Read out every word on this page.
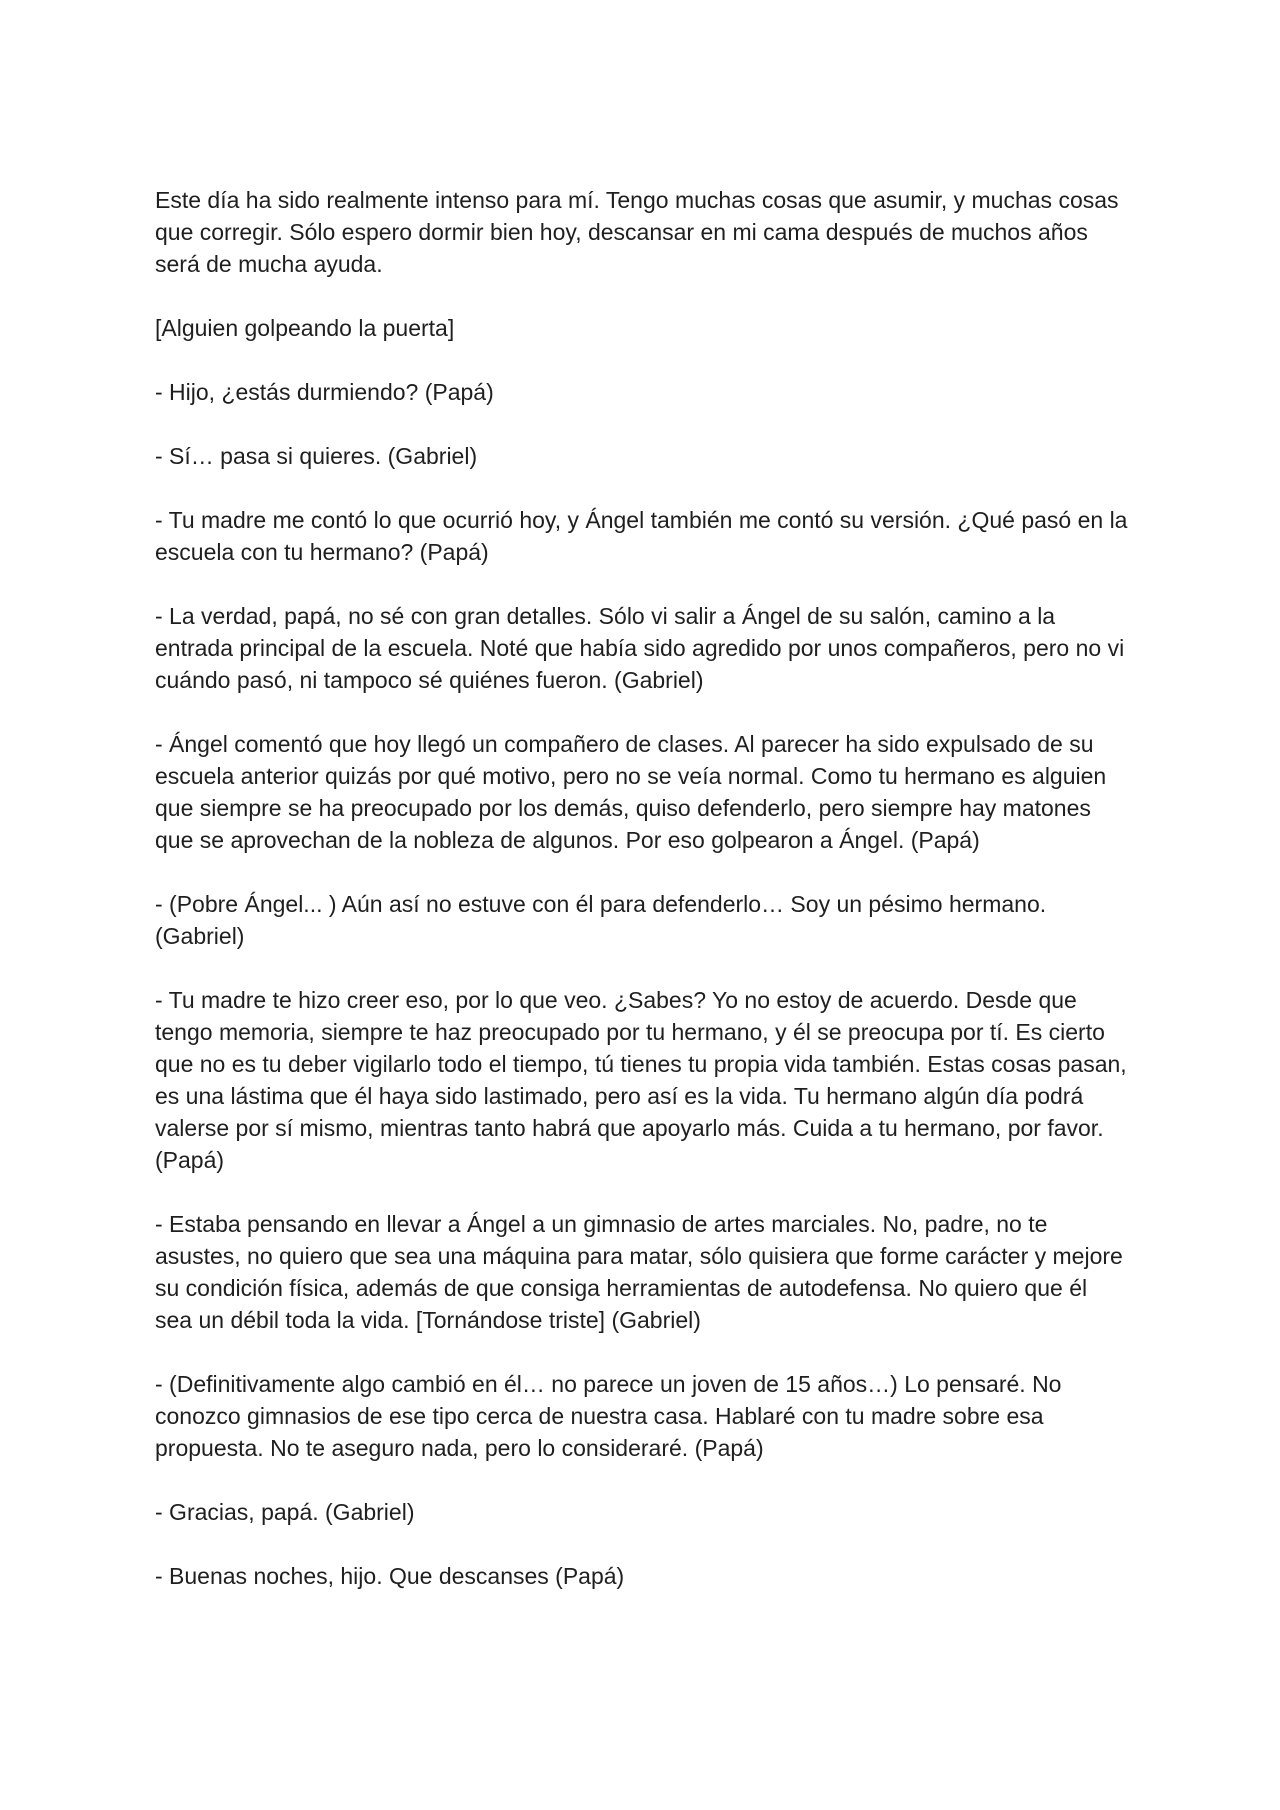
Este día ha sido realmente intenso para mí. Tengo muchas cosas que asumir, y muchas cosas que corregir. Sólo espero dormir bien hoy, descansar en mi cama después de muchos años será de mucha ayuda.

[Alguien golpeando la puerta]

- Hijo, ¿estás durmiendo? (Papá)

- Sí… pasa si quieres. (Gabriel)

- Tu madre me contó lo que ocurrió hoy, y Ángel también me contó su versión. ¿Qué pasó en la escuela con tu hermano? (Papá)

- La verdad, papá, no sé con gran detalles. Sólo vi salir a Ángel de su salón, camino a la entrada principal de la escuela. Noté que había sido agredido por unos compañeros, pero no vi cuándo pasó, ni tampoco sé quiénes fueron. (Gabriel)

- Ángel comentó que hoy llegó un compañero de clases. Al parecer ha sido expulsado de su escuela anterior quizás por qué motivo, pero no se veía normal. Como tu hermano es alguien que siempre se ha preocupado por los demás, quiso defenderlo, pero siempre hay matones que se aprovechan de la nobleza de algunos. Por eso golpearon a Ángel. (Papá)

- (Pobre Ángel... ) Aún así no estuve con él para defenderlo… Soy un pésimo hermano. (Gabriel)

- Tu madre te hizo creer eso, por lo que veo. ¿Sabes? Yo no estoy de acuerdo. Desde que tengo memoria, siempre te haz preocupado por tu hermano, y él se preocupa por tí. Es cierto que no es tu deber vigilarlo todo el tiempo, tú tienes tu propia vida también. Estas cosas pasan, es una lástima que él haya sido lastimado, pero así es la vida. Tu hermano algún día podrá valerse por sí mismo, mientras tanto habrá que apoyarlo más. Cuida a tu hermano, por favor. (Papá)

- Estaba pensando en llevar a Ángel a un gimnasio de artes marciales. No, padre, no te asustes, no quiero que sea una máquina para matar, sólo quisiera que forme carácter y mejore su condición física, además de que consiga herramientas de autodefensa. No quiero que él sea un débil toda la vida. [Tornándose triste] (Gabriel)

- (Definitivamente algo cambió en él… no parece un joven de 15 años…) Lo pensaré. No conozco gimnasios de ese tipo cerca de nuestra casa. Hablaré con tu madre sobre esa propuesta. No te aseguro nada, pero lo consideraré. (Papá)

- Gracias, papá. (Gabriel)

- Buenas noches, hijo. Que descanses (Papá)
